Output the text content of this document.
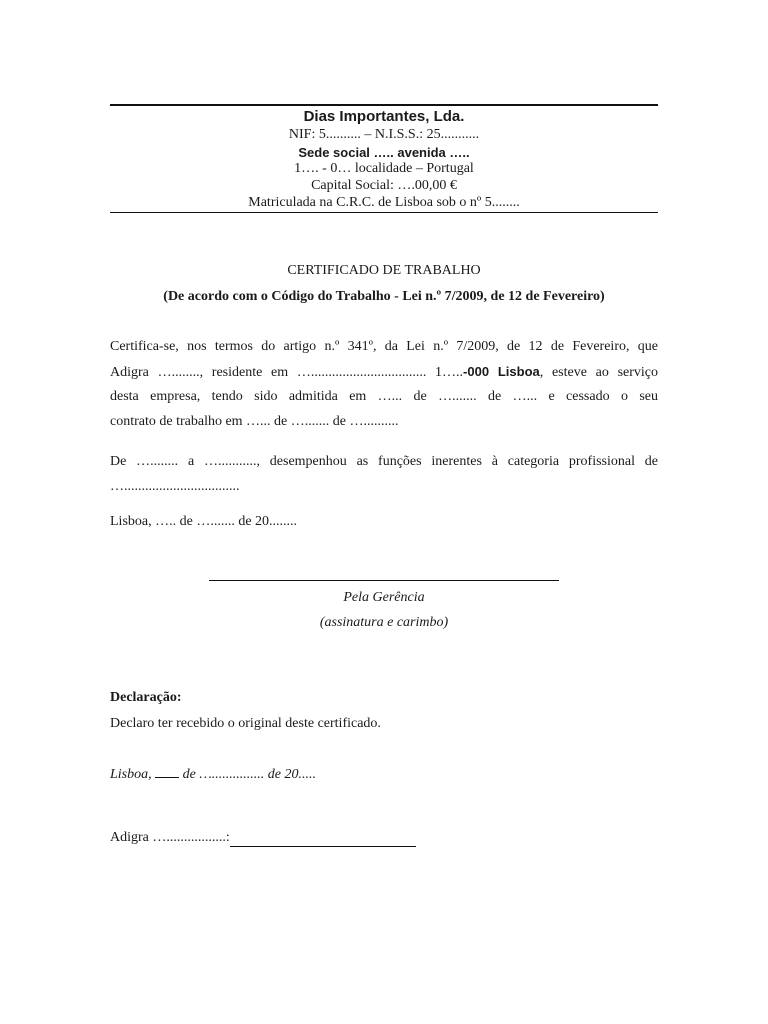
Dias Importantes, Lda.
NIF: 5.......... – N.I.S.S.: 25...........
Sede social ….. avenida …..
1…. - 0… localidade – Portugal
Capital Social: ….00,00 €
Matriculada na C.R.C. de Lisboa sob o nº 5........
CERTIFICADO DE TRABALHO
(De acordo com o Código do Trabalho - Lei n.º 7/2009, de 12 de Fevereiro)
Certifica-se, nos termos do artigo n.º 341º, da Lei n.º 7/2009, de 12 de Fevereiro, que
Adigra …........, residente em …................................. 1…..-000 Lisboa, esteve ao serviço
desta empresa, tendo sido admitida em …... de …....... de …... e cessado o seu
contrato de trabalho em …... de …....... de …..........
De …........ a …..........., desempenhou as funções inerentes à categoria profissional de
….................................
Lisboa, ….. de …....... de 20........
Pela Gerência
(assinatura e carimbo)
Declaração:
Declaro ter recebido o original deste certificado.
Lisboa, de …............... de 20.....
Adigra ….................:
